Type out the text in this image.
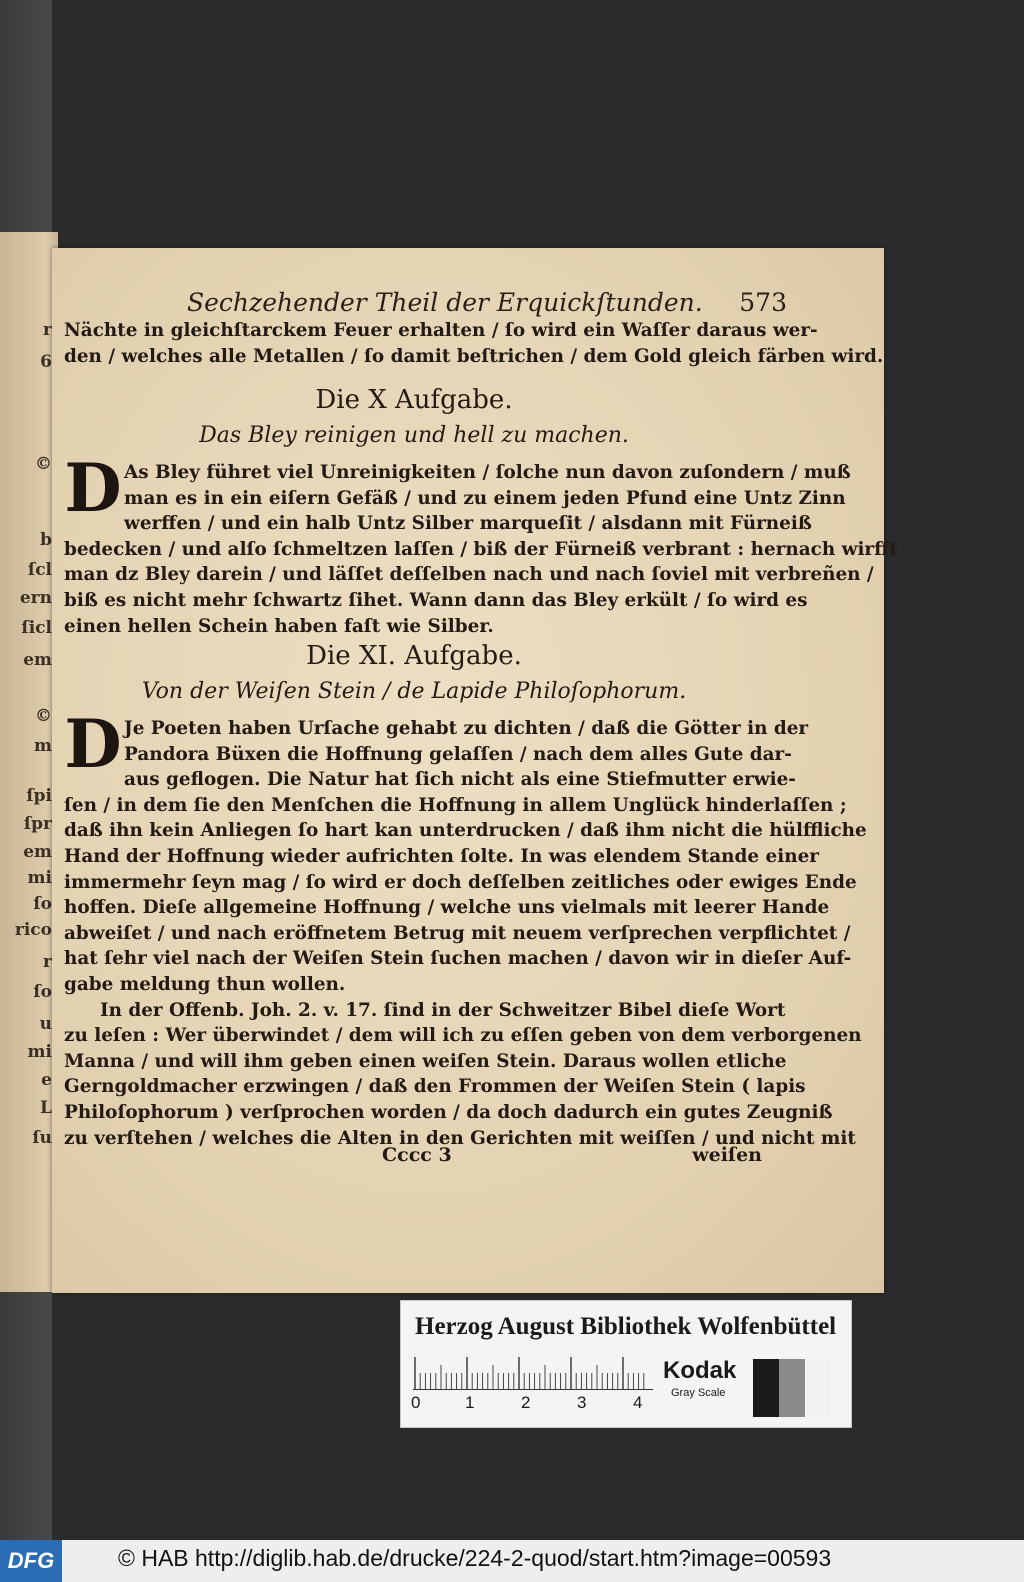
r
6
©
b
ſcl
ern
ſicl
em
©
m
ſpi
ſpr
em
mi
ſo
rico
r
ſo
u
mi
e
L
ſu
Sechzehender Theil der Erquickſtunden. 573
Nächte in gleichſtarckem Feuer erhalten / ſo wird ein Waſſer daraus wer-
den / welches alle Metallen / ſo damit beſtrichen / dem Gold gleich färben wird.
Die X Aufgabe.
Das Bley reinigen und hell zu machen.
D As Bley führet viel Unreinigkeiten / ſolche nun davon zuſondern / muß
man es in ein eiſern Gefäß / und zu einem jeden Pfund eine Untz Zinn
werffen / und ein halb Untz Silber marqueſit / alsdann mit Fürneiß
bedecken / und alſo ſchmeltzen laſſen / biß der Fürneiß verbrant : hernach wirfft
man dz Bley darein / und läſſet deſſelben nach und nach ſoviel mit verbreñen /
biß es nicht mehr ſchwartz ſihet. Wann dann das Bley erkült / ſo wird es
einen hellen Schein haben faſt wie Silber.
Die XI. Aufgabe.
Von der Weiſen Stein / de Lapide Philoſophorum.
D Je Poeten haben Urſache gehabt zu dichten / daß die Götter in der
Pandora Büxen die Hoffnung gelaſſen / nach dem alles Gute dar-
aus geflogen. Die Natur hat ſich nicht als eine Stiefmutter erwie-
ſen / in dem ſie den Menſchen die Hoffnung in allem Unglück hinderlaſſen ;
daß ihn kein Anliegen ſo hart kan unterdrucken / daß ihm nicht die hülffliche
Hand der Hoffnung wieder aufrichten ſolte. In was elendem Stande einer
immermehr ſeyn mag / ſo wird er doch deſſelben zeitliches oder ewiges Ende
hoffen. Dieſe allgemeine Hoffnung / welche uns vielmals mit leerer Hande
abweiſet / und nach eröffnetem Betrug mit neuem verſprechen verpflichtet /
hat ſehr viel nach der Weiſen Stein ſuchen machen / davon wir in dieſer Auf-
gabe meldung thun wollen.
In der Offenb. Joh. 2. v. 17. ſind in der Schweitzer Bibel dieſe Wort
zu leſen : Wer überwindet / dem will ich zu eſſen geben von dem verborgenen
Manna / und will ihm geben einen weiſen Stein. Daraus wollen etliche
Gerngoldmacher erzwingen / daß den Frommen der Weiſen Stein ( lapis
Philoſophorum ) verſprochen worden / da doch dadurch ein gutes Zeugniß
zu verſtehen / welches die Alten in den Gerichten mit weiſſen / und nicht mit
Cccc 3	weiſen
Herzog August Bibliothek Wolfenbüttel
0	1	2	3	4
Kodak
Gray Scale
DFG	© HAB http://diglib.hab.de/drucke/224-2-quod/start.htm?image=00593
